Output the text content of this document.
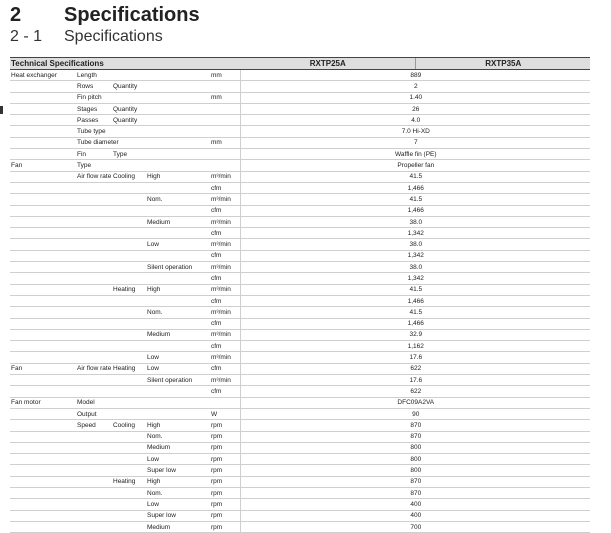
2 Specifications
2 - 1 Specifications
Technical Specifications					RXTP25A	RXTP35A
Heat exchanger	Length			mm	889	
	Rows	Quantity			2	
	Fin pitch			mm	1.40	
	Stages	Quantity			26	
	Passes	Quantity			4.0	
	Tube type				7.0 Hi-XD	
	Tube diameter			mm	7	
	Fin	Type			Waffle fin (PE)	
Fan	Type				Propeller fan	
	Air flow rate	Cooling	High	m³/min	41.5	
				cfm	1,466	
			Nom.	m³/min	41.5	
				cfm	1,466	
			Medium	m³/min	38.0	
				cfm	1,342	
			Low	m³/min	38.0	
				cfm	1,342	
			Silent operation	m³/min	38.0	
				cfm	1,342	
		Heating	High	m³/min	41.5	
				cfm	1,466	
			Nom.	m³/min	41.5	
				cfm	1,466	
			Medium	m³/min	32.9	
				cfm	1,162	
			Low	m³/min	17.6	
Fan	Air flow rate	Heating	Low	cfm	622	
			Silent operation	m³/min	17.6	
				cfm	622	
Fan motor	Model				DFC09A2VA	
	Output			W	90	
	Speed	Cooling	High	rpm	870	
			Nom.	rpm	870	
			Medium	rpm	800	
			Low	rpm	800	
			Super low	rpm	800	
		Heating	High	rpm	870	
			Nom.	rpm	870	
			Low	rpm	400	
			Super low	rpm	400	
			Medium	rpm	700	
